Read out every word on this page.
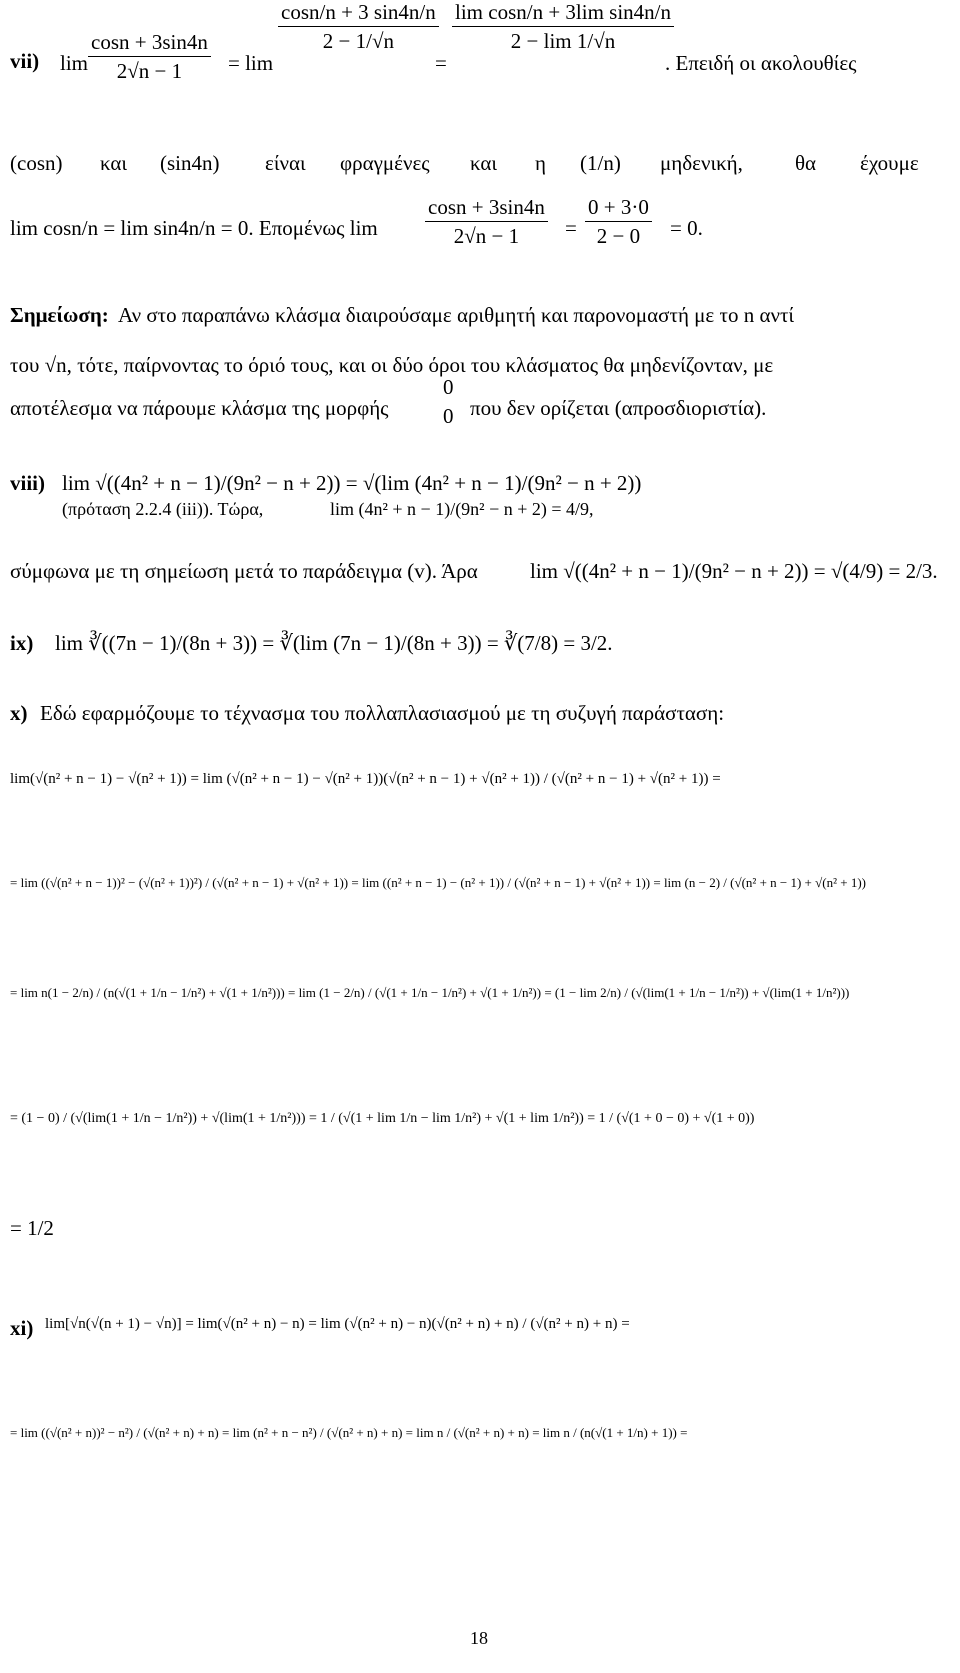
vii) lim
cosn + 3sin4n
2√n − 1 = lim
cosn/n + 3 sin4n/n
2 − 1/√n
=
lim cosn/n + 3lim sin4n/n
2 − lim 1/√n
. Επειδή οι ακολουθίες
(cosn) και (sin4n) είναι φραγμένες και η (1/n) μηδενική, θα έχουμε
lim cosn/n = lim sin4n/n = 0. Επομένως lim
cosn + 3sin4n
2√n − 1 =
0 + 3·0
2 − 0 = 0.
Σημείωση: Αν στο παραπάνω κλάσμα διαιρούσαμε αριθμητή και παρονομαστή με το n αντί
του √n, τότε, παίρνοντας το όριό τους, και οι δύο όροι του κλάσματος θα μηδενίζονταν, με
αποτέλεσμα να πάρουμε κλάσμα της μορφής
0
0 που δεν ορίζεται (απροσδιοριστία).
viii) lim √((4n² + n − 1)/(9n² − n + 2)) = √(lim (4n² + n − 1)/(9n² − n + 2))
(πρόταση 2.2.4 (iii)). Τώρα,	lim (4n² + n − 1)/(9n² − n + 2) = 4/9,
σύμφωνα με τη σημείωση μετά το παράδειγμα (v). Άρα lim √((4n² + n − 1)/(9n² − n + 2)) = √(4/9) = 2/3.
ix) lim ∛((7n − 1)/(8n + 3)) = ∛(lim (7n − 1)/(8n + 3)) = ∛(7/8) = 3/2.
x) Εδώ εφαρμόζουμε το τέχνασμα του πολλαπλασιασμού με τη συζυγή παράσταση:
lim(√(n² + n − 1) − √(n² + 1)) = lim (√(n² + n − 1) − √(n² + 1))(√(n² + n − 1) + √(n² + 1)) / (√(n² + n − 1) + √(n² + 1)) =
= lim ((√(n² + n − 1))² − (√(n² + 1))²) / (√(n² + n − 1) + √(n² + 1)) = lim ((n² + n − 1) − (n² + 1)) / (√(n² + n − 1) + √(n² + 1)) = lim (n − 2) / (√(n² + n − 1) + √(n² + 1))
= lim n(1 − 2/n) / (n(√(1 + 1/n − 1/n²) + √(1 + 1/n²))) = lim (1 − 2/n) / (√(1 + 1/n − 1/n²) + √(1 + 1/n²)) = (1 − lim 2/n) / (√(lim(1 + 1/n − 1/n²)) + √(lim(1 + 1/n²)))
= (1 − 0) / (√(lim(1 + 1/n − 1/n²)) + √(lim(1 + 1/n²))) = 1 / (√(1 + lim 1/n − lim 1/n²) + √(1 + lim 1/n²)) = 1 / (√(1 + 0 − 0) + √(1 + 0))
= 1/2
xi) lim[√n(√(n + 1) − √n)] = lim(√(n² + n) − n) = lim (√(n² + n) − n)(√(n² + n) + n) / (√(n² + n) + n) =
= lim ((√(n² + n))² − n²) / (√(n² + n) + n) = lim (n² + n − n²) / (√(n² + n) + n) = lim n / (√(n² + n) + n) = lim n / (n(√(1 + 1/n) + 1)) =
18
